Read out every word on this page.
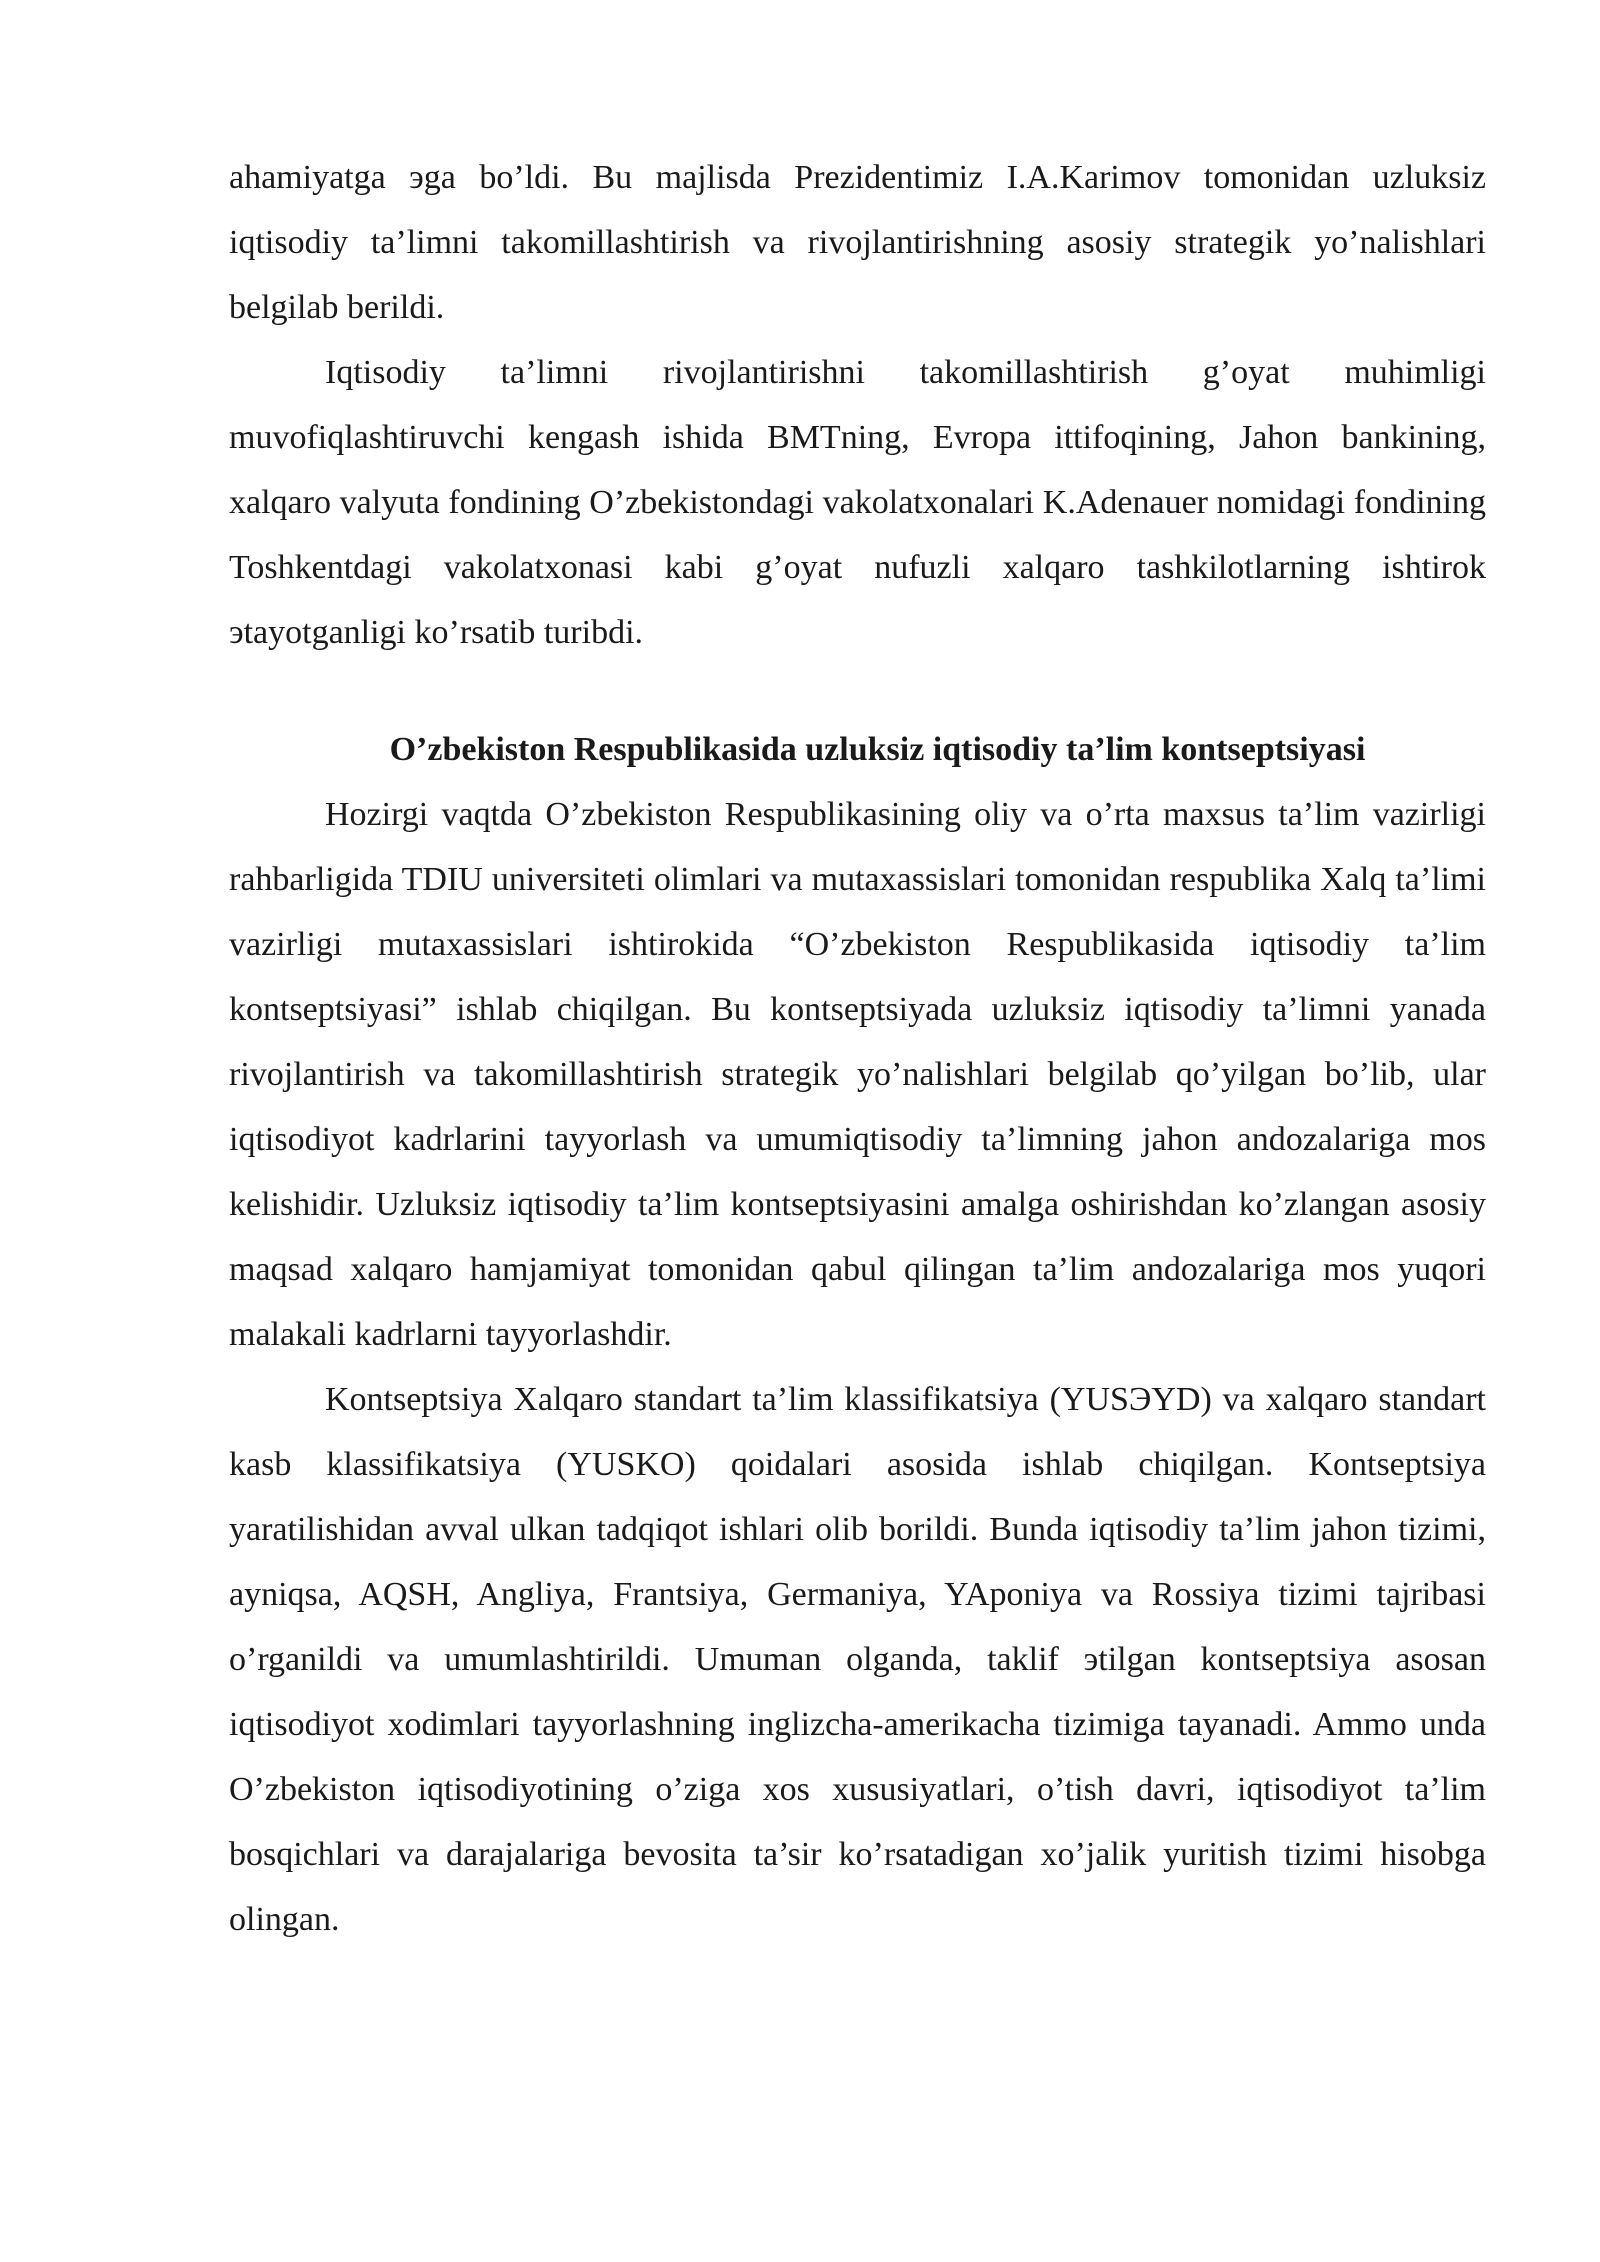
ahamiyatga эga bo’ldi. Bu majlisda Prezidentimiz I.A.Karimov tomonidan uzluksiz iqtisodiy ta’limni takomillashtirish va rivojlantirishning asosiy strategik yo’nalishlari belgilab berildi.

Iqtisodiy ta’limni rivojlantirishni takomillashtirish g’oyat muhimligi muvofiqlashtiruvchi kengash ishida BMTning, Evropa ittifoqining, Jahon bankining, xalqaro valyuta fondining O’zbekistondagi vakolatxonalari K.Adenauer nomidagi fondining Toshkentdagi vakolatxonasi kabi g’oyat nufuzli xalqaro tashkilotlarning ishtirok эtayotganligi ko’rsatib turibdi.

O’zbekiston Respublikasida uzluksiz iqtisodiy ta’lim kontseptsiyasi

Hozirgi vaqtda O’zbekiston Respublikasining oliy va o’rta maxsus ta’lim vazirligi rahbarligida TDIU universiteti olimlari va mutaxassislari tomonidan respublika Xalq ta’limi vazirligi mutaxassislari ishtirokida “O’zbekiston Respublikasida iqtisodiy ta’lim kontseptsiyasi” ishlab chiqilgan. Bu kontseptsiyada uzluksiz iqtisodiy ta’limni yanada rivojlantirish va takomillashtirish strategik yo’nalishlari belgilab qo’yilgan bo’lib, ular iqtisodiyot kadrlarini tayyorlash va umumiqtisodiy ta’limning jahon andozalariga mos kelishidir. Uzluksiz iqtisodiy ta’lim kontseptsiyasini amalga oshirishdan ko’zlangan asosiy maqsad xalqaro hamjamiyat tomonidan qabul qilingan ta’lim andozalariga mos yuqori malakali kadrlarni tayyorlashdir.

Kontseptsiya Xalqaro standart ta’lim klassifikatsiya (YUSЭYD) va xalqaro standart kasb klassifikatsiya (YUSKO) qoidalari asosida ishlab chiqilgan. Kontseptsiya yaratilishidan avval ulkan tadqiqot ishlari olib borildi. Bunda iqtisodiy ta’lim jahon tizimi, ayniqsa, AQSH, Angliya, Frantsiya, Germaniya, YAponiya va Rossiya tizimi tajribasi o’rganildi va umumlashtirildi. Umuman olganda, taklif эtilgan kontseptsiya asosan iqtisodiyot xodimlari tayyorlashning inglizcha-amerikacha tizimiga tayanadi. Ammo unda O’zbekiston iqtisodiyotining o’ziga xos xususiyatlari, o’tish davri, iqtisodiyot ta’lim bosqichlari va darajalariga bevosita ta’sir ko’rsatadigan xo’jalik yuritish tizimi hisobga olingan.
